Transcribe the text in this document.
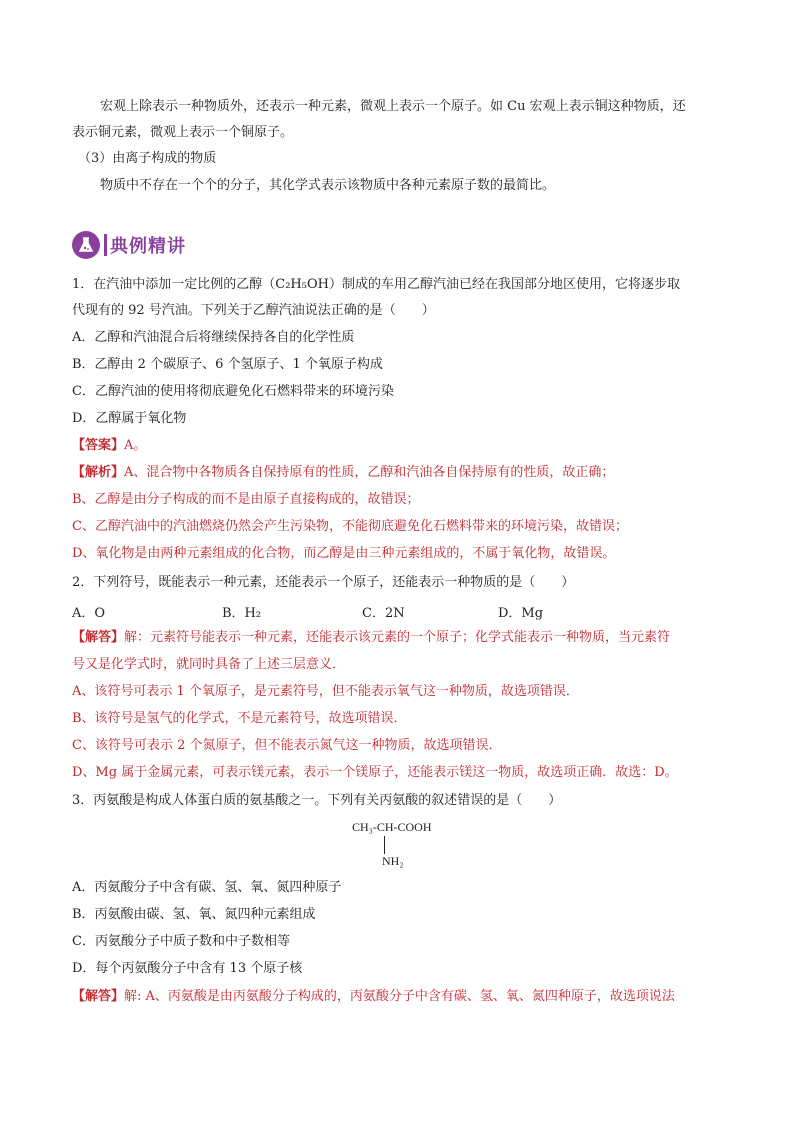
宏观上除表示一种物质外，还表示一种元素，微观上表示一个原子。如 Cu 宏观上表示铜这种物质，还
表示铜元素，微观上表示一个铜原子。
（3）由离子构成的物质
物质中不存在一个个的分子，其化学式表示该物质中各种元素原子数的最简比。
典例精讲
1．在汽油中添加一定比例的乙醇（C₂H₅OH）制成的车用乙醇汽油已经在我国部分地区使用，它将逐步取
代现有的 92 号汽油。下列关于乙醇汽油说法正确的是（　　）
A．乙醇和汽油混合后将继续保持各自的化学性质
B．乙醇由 2 个碳原子、6 个氢原子、1 个氧原子构成
C．乙醇汽油的使用将彻底避免化石燃料带来的环境污染
D．乙醇属于氧化物
【答案】A。
【解析】A、混合物中各物质各自保持原有的性质，乙醇和汽油各自保持原有的性质，故正确；
B、乙醇是由分子构成的而不是由原子直接构成的，故错误；
C、乙醇汽油中的汽油燃烧仍然会产生污染物，不能彻底避免化石燃料带来的环境污染，故错误；
D、氧化物是由两种元素组成的化合物，而乙醇是由三种元素组成的，不属于氧化物，故错误。
2．下列符号，既能表示一种元素，还能表示一个原子，还能表示一种物质的是（　　）
A．O	B．H₂	C．2N	D．Mg
【解答】解：元素符号能表示一种元素，还能表示该元素的一个原子；化学式能表示一种物质，当元素符
号又是化学式时，就同时具备了上述三层意义．
A、该符号可表示 1 个氧原子，是元素符号，但不能表示氧气这一种物质，故选项错误．
B、该符号是氢气的化学式，不是元素符号，故选项错误．
C、该符号可表示 2 个氮原子，但不能表示氮气这一种物质，故选项错误．
D、Mg 属于金属元素，可表示镁元素，表示一个镁原子，还能表示镁这一物质，故选项正确．故选：D。
3．丙氨酸是构成人体蛋白质的氨基酸之一。下列有关丙氨酸的叙述错误的是（　　）
CH₃-CH-COOH
NH₂
A．丙氨酸分子中含有碳、氢、氧、氮四种原子
B．丙氨酸由碳、氢、氧、氮四种元素组成
C．丙氨酸分子中质子数和中子数相等
D．每个丙氨酸分子中含有 13 个原子核
【解答】解: A、丙氨酸是由丙氨酸分子构成的，丙氨酸分子中含有碳、氢、氧、氮四种原子，故选项说法
